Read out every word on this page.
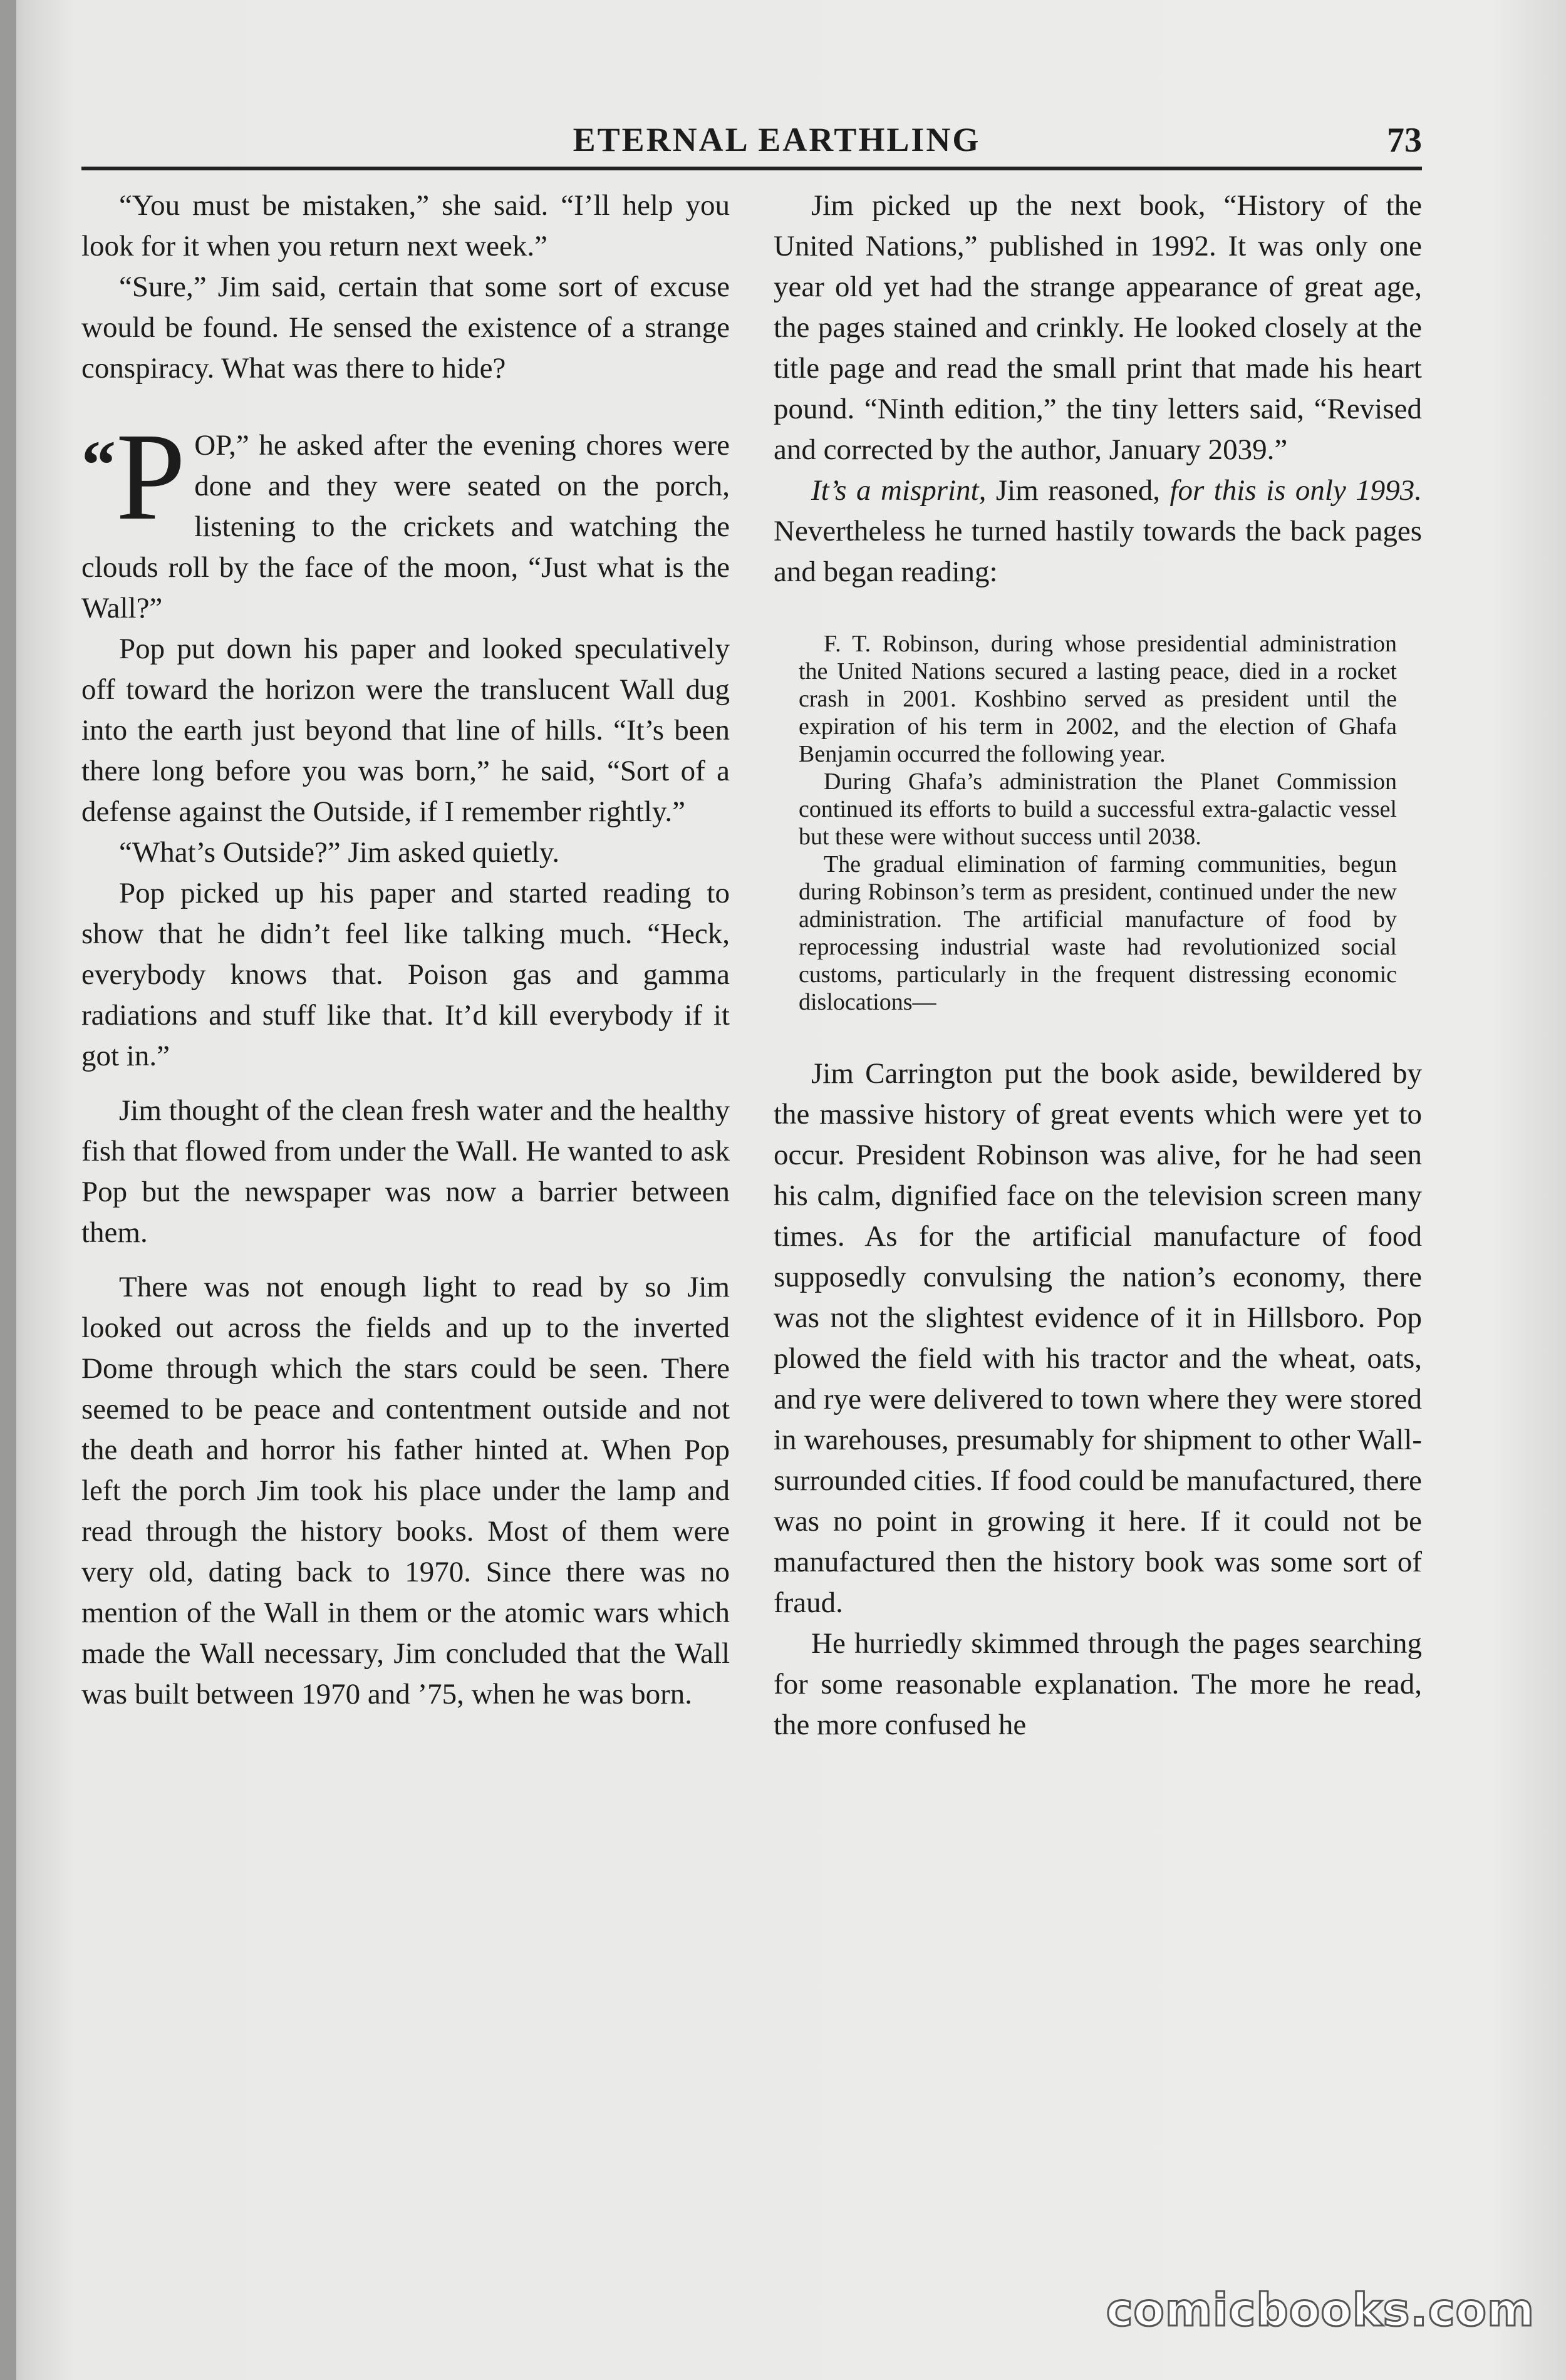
ETERNAL EARTHLING	73

“You must be mistaken,” she said. “I’ll help you look for it when you return next week.”

“Sure,” Jim said, certain that some sort of excuse would be found. He sensed the existence of a strange conspiracy. What was there to hide?

“ P OP,” he asked after the evening chores were done and they were seated on the porch, listening to the crickets and watching the clouds roll by the face of the moon, “Just what is the Wall?”

Pop put down his paper and looked speculatively off toward the horizon were the translucent Wall dug into the earth just beyond that line of hills. “It’s been there long before you was born,” he said, “Sort of a defense against the Outside, if I remember rightly.”

“What’s Outside?” Jim asked quietly.

Pop picked up his paper and started reading to show that he didn’t feel like talking much. “Heck, everybody knows that. Poison gas and gamma radiations and stuff like that. It’d kill everybody if it got in.”

Jim thought of the clean fresh water and the healthy fish that flowed from under the Wall. He wanted to ask Pop but the newspaper was now a barrier between them.

There was not enough light to read by so Jim looked out across the fields and up to the inverted Dome through which the stars could be seen. There seemed to be peace and contentment outside and not the death and horror his father hinted at. When Pop left the porch Jim took his place under the lamp and read through the history books. Most of them were very old, dating back to 1970. Since there was no mention of the Wall in them or the atomic wars which made the Wall necessary, Jim concluded that the Wall was built between 1970 and ’75, when he was born.

Jim picked up the next book, “History of the United Nations,” published in 1992. It was only one year old yet had the strange appearance of great age, the pages stained and crinkly. He looked closely at the title page and read the small print that made his heart pound. “Ninth edition,” the tiny letters said, “Revised and corrected by the author, January 2039.”

It’s a misprint, Jim reasoned, for this is only 1993. Nevertheless he turned hastily towards the back pages and began reading:

F. T. Robinson, during whose presidential administration the United Nations secured a lasting peace, died in a rocket crash in 2001. Koshbino served as president until the expiration of his term in 2002, and the election of Ghafa Benjamin occurred the following year.

During Ghafa’s administration the Planet Commission continued its efforts to build a successful extra-galactic vessel but these were without success until 2038.

The gradual elimination of farming communities, begun during Robinson’s term as president, continued under the new administration. The artificial manufacture of food by reprocessing industrial waste had revolutionized social customs, particularly in the frequent distressing economic dislocations—

Jim Carrington put the book aside, bewildered by the massive history of great events which were yet to occur. President Robinson was alive, for he had seen his calm, dignified face on the television screen many times. As for the artificial manufacture of food supposedly convulsing the nation’s economy, there was not the slightest evidence of it in Hillsboro. Pop plowed the field with his tractor and the wheat, oats, and rye were delivered to town where they were stored in warehouses, presumably for shipment to other Wall-surrounded cities. If food could be manufactured, there was no point in growing it here. If it could not be manufactured then the history book was some sort of fraud.

He hurriedly skimmed through the pages searching for some reasonable explanation. The more he read, the more confused he

comicbooks.com
